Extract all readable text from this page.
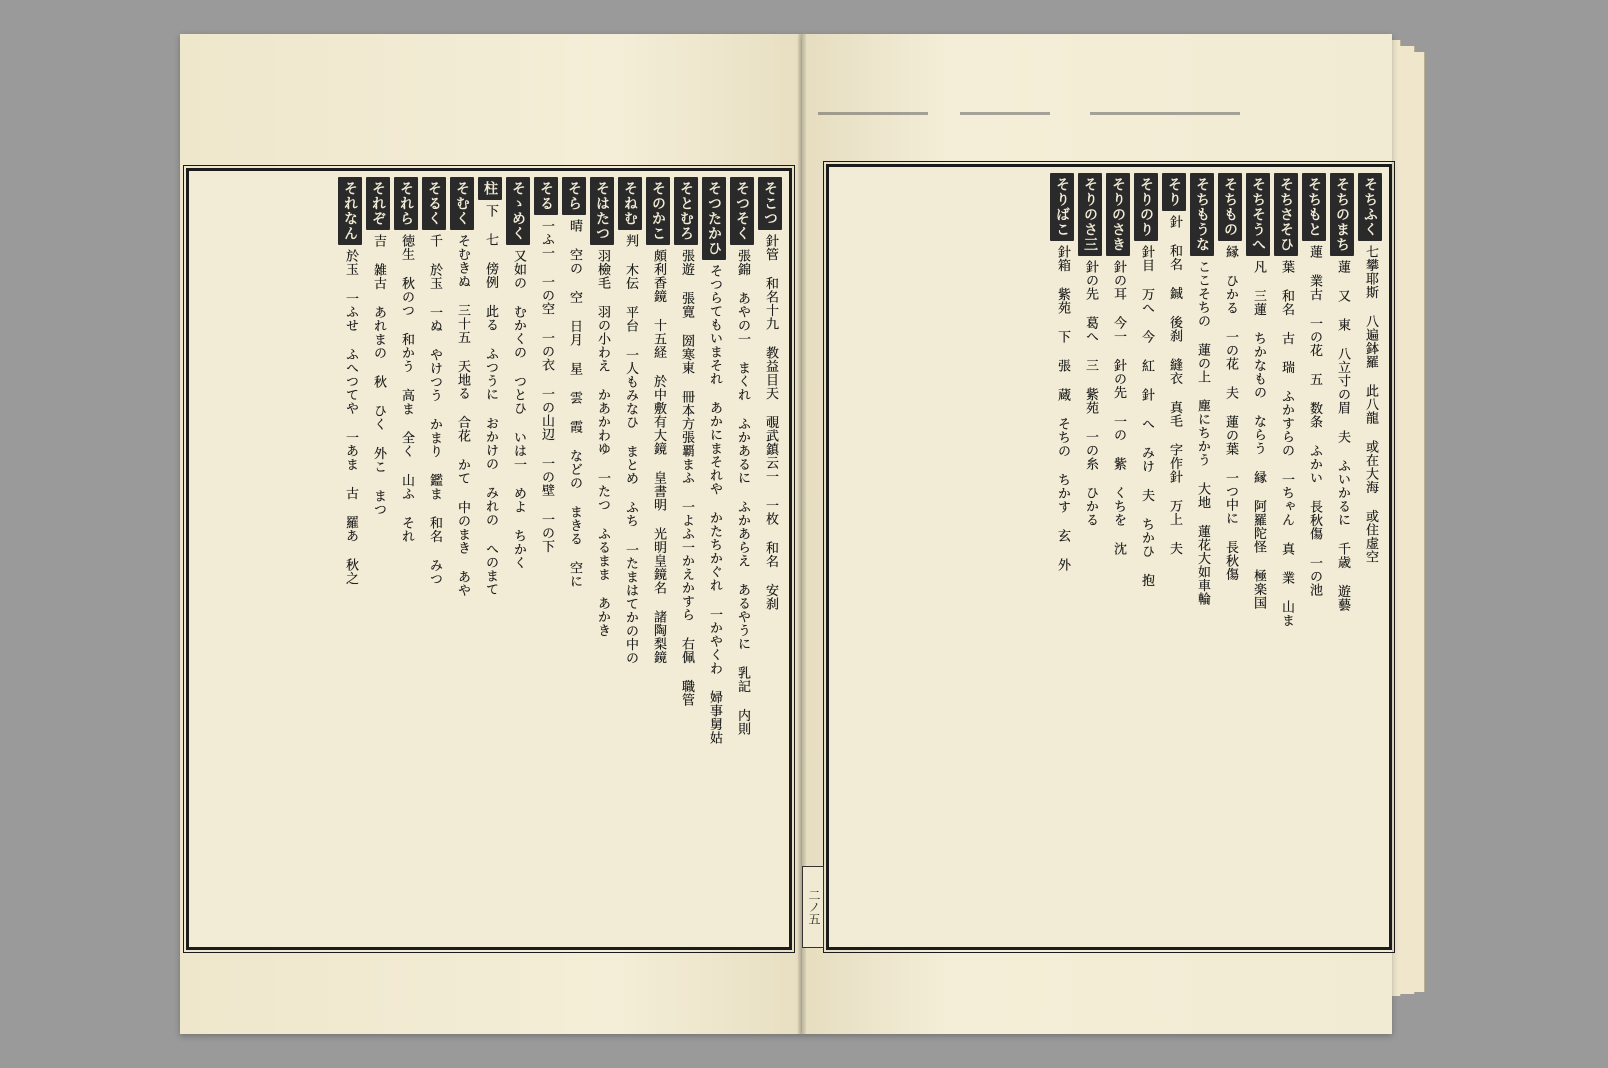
そこつ
針管 和名十九 教益目天 覗武鎮云一 一枚 和名 安刹
そつそく
張錦 あやの一 まくれ ふかあるに ふかあらえ あるやうに 乳記 内則
そつたかひ
そつらてもいまそれ あかにまそれや かたちかぐれ 一かやくわ 婦事舅姑
そとむろ
張遊 張寛 圀寒東 冊本方張覇まふ 一よふ一かえかすら 右佩 職管
そのかこ
頗利香鏡 十五経 於中敷有大鏡 皇書明 光明皇鏡名 諸陶梨鏡
そねむ
判 木伝 平台 一人もみなひ まとめ ふち 一たまはてかの中の
そはたつ
羽檢毛 羽の小わえ かあかわゆ 一たつ ふるまま あかき
そら
晴 空の 空 日月 星 雲 霞 などの まきる 空に
そる
一ふ一 一の空 一の衣 一の山辺 一の壁 一の下
そゝめく
又如の むかくの つとひ いは一 めよ ちかく
柱
下 七 傍例 此る ふつうに おかけの みれの へのまて
そむく
そむきぬ 三十五 天地る 合花 かて 中のまき あや
そるく
千 於玉 一ぬ やけつう かまり 鑑ま 和名 みつ
それら
徳生 秋のつ 和かう 高ま 全く 山ふ それ
それぞ
吉 雑古 あれまの 秋 ひく 外こ まつ
それなん
於玉 一ふせ ふへつてや 一あま 古 羅あ 秋之
そちふく
七攀耶斯 八遍鉢羅 此八龍 或在大海 或住虚空
そちのまち
蓮 又 東 八立寸の眉 夫 ふいかるに 千歳 遊藝
そちもと
蓮 業古 一の花 五 数条 ふかい 長秋傷 一の池
そちさそひ
葉 和名 古 瑞 ふかすらの 一ちゃん 真 業 山ま
そちそうへ
凡 三蓮 ちかなもの ならう 縁 阿羅陀怪 極楽国
そちもの
縁 ひかる 一の花 夫 蓮の葉 一つ中に 長秋傷
そちもうな
ここそちの 蓮の上 塵にちかう 大地 蓮花大如車輪
そり
針 和名 鋮 後刹 縫衣 真毛 字作針 万上 夫
そりのり
針目 万へ 今 紅 針 へ みけ 夫 ちかひ 抱
そりのさき
針の耳 今一 針の先 一の 紫 くちを 沈
そりのさ三
針の先 葛へ 三 紫苑 一の糸 ひかる
そりばこ
針箱 紫苑 下 張 蔵 そちの ちかす 玄 外
二ノ五
